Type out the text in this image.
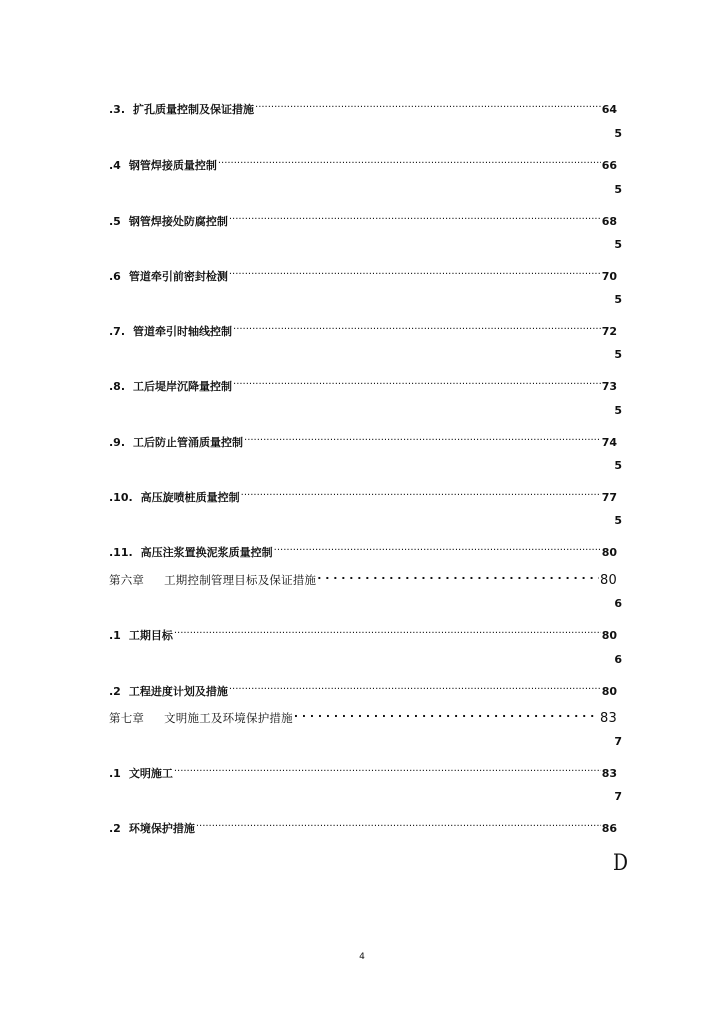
.3. 扩孔质量控制及保证措施 .....	64
5
.4 钢管焊接质量控制 .....	66
5
.5 钢管焊接处防腐控制 .....	68
5
.6 管道牵引前密封检测 .....	70
5
.7. 管道牵引时轴线控制 .....	72
5
.8. 工后堤岸沉降量控制 .....	73
5
.9. 工后防止管涌质量控制 .....	74
5
.10. 高压旋喷桩质量控制 .....	77
5
.11. 高压注浆置换泥浆质量控制 .....	80
第六章 工期控制管理目标及保证措施 . . .	80
6
.1 工期目标 .....	80
6
.2 工程进度计划及措施 .....	80
第七章 文明施工及环境保护措施 . . .	83
7
.1 文明施工 .....	83
7
.2 环境保护措施 .....	86
D
4
